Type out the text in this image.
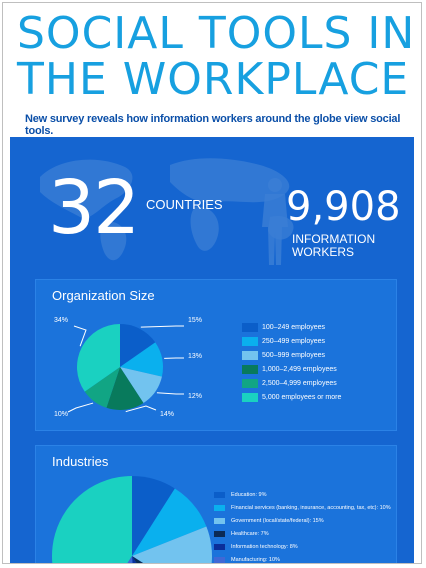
SOCIAL TOOLS IN
THE WORKPLACE
New survey reveals how information workers around the globe view social tools.
32 COUNTRIES 9,908
INFORMATION
WORKERS
Organization Size
15%
13%
12%
14%
10%
34%
100–249 employees
250–499 employees
500–999 employees
1,000–2,499 employees
2,500–4,999 employees
5,000 employees or more
Industries
Education: 9%
Financial services (banking, insurance, accounting, tax, etc): 10%
Government (local/state/federal): 15%
Healthcare: 7%
Information technology: 8%
Manufacturing: 10%
